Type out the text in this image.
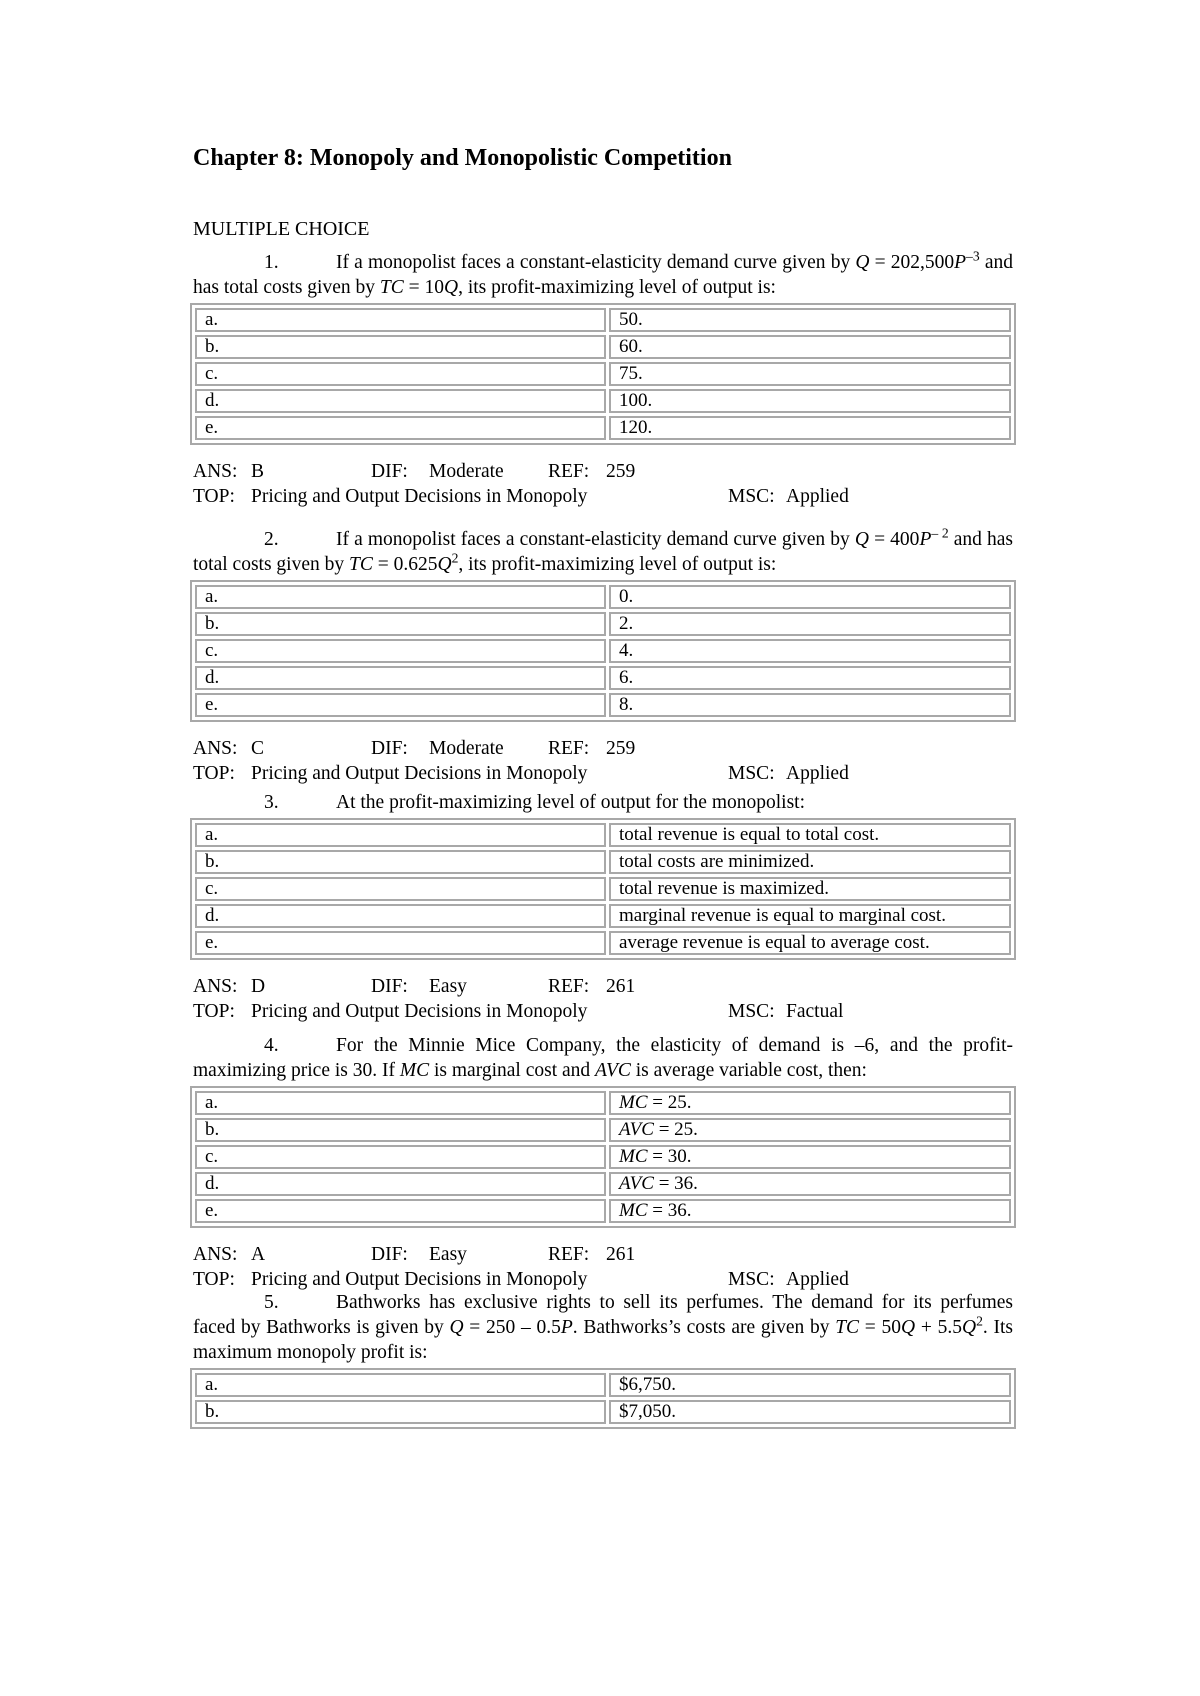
Chapter 8: Monopoly and Monopolistic Competition
MULTIPLE CHOICE
1.	If a monopolist faces a constant-elasticity demand curve given by $Q = 202,500P^{-3}$ and has total costs given by TC = 10Q, its profit-maximizing level of output is:
a.	50.
b.	60.
c.	75.
d.	100.
e.	120.
ANS: B	DIF: Moderate REF: 259
TOP: Pricing and Output Decisions in Monopoly	MSC: Applied
2.	If a monopolist faces a constant-elasticity demand curve given by $Q = 400P^{- 2}$ and has total costs given by TC = $0.625Q^2$, its profit-maximizing level of output is:
a.	0.
b.	2.
c.	4.
d.	6.
e.	8.
ANS: C	DIF: Moderate REF: 259
TOP: Pricing and Output Decisions in Monopoly	MSC: Applied
3.	At the profit-maximizing level of output for the monopolist:
a.	total revenue is equal to total cost.
b.	total costs are minimized.
c.	total revenue is maximized.
d.	marginal revenue is equal to marginal cost.
e.	average revenue is equal to average cost.
ANS: D	DIF: Easy	REF: 261
TOP: Pricing and Output Decisions in Monopoly	MSC: Factual
4.	For the Minnie Mice Company, the elasticity of demand is –6, and the profit-maximizing price is 30. If MC is marginal cost and AVC is average variable cost, then:
a.	MC = 25.
b.	AVC = 25.
c.	MC = 30.
d.	AVC = 36.
e.	MC = 36.
ANS: A	DIF: Easy	REF: 261
TOP: Pricing and Output Decisions in Monopoly	MSC: Applied
5.	Bathworks has exclusive rights to sell its perfumes. The demand for its perfumes faced by Bathworks is given by Q = 250 – 0.5P. Bathworks’s costs are given by TC = $50Q + 5.5Q^2$. Its maximum monopoly profit is:
a.	$6,750.
b.	$7,050.
